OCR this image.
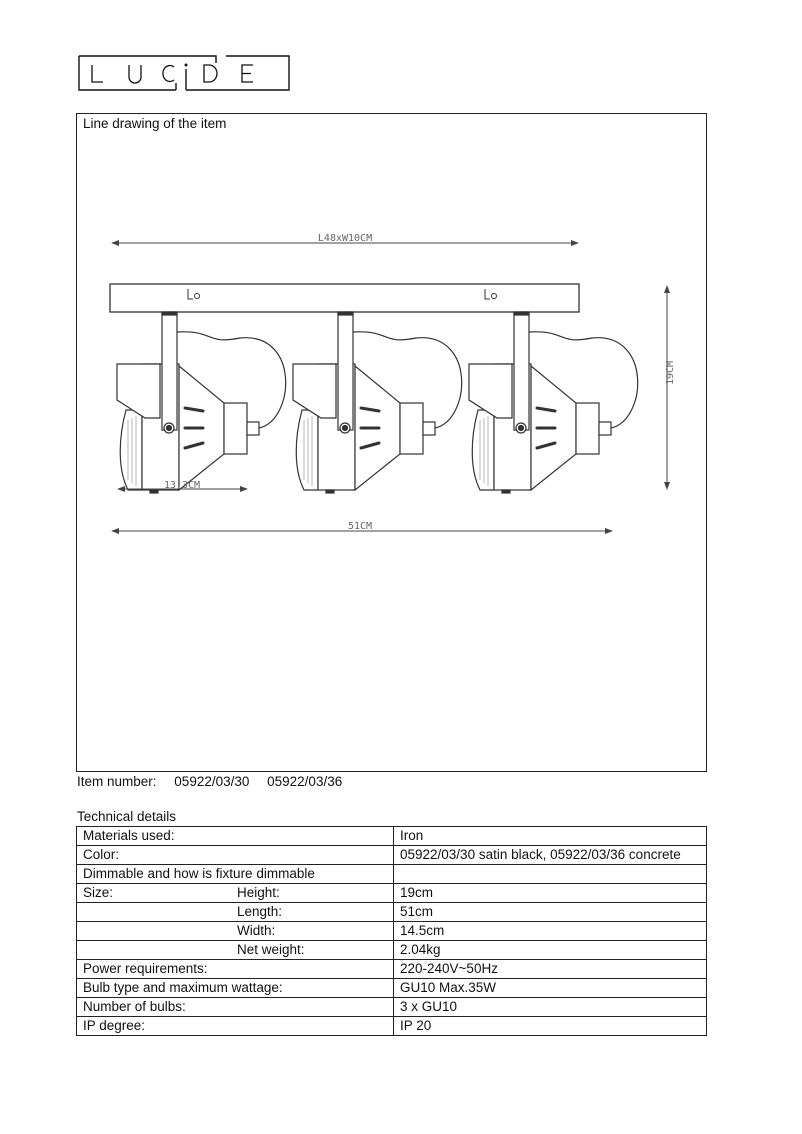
Line drawing of the item
L48xW10CM
13.3CM
51CM
19CM
Item number: 05922/03/30 05922/03/36
Technical details
Materials used:	Iron
Color:	05922/03/30 satin black, 05922/03/36 concrete
Dimmable and how is fixture dimmable

Size: Height:	19cm

Length:	51cm

Width:	14.5cm

Net weight:	2.04kg
Power requirements:	220-240V~50Hz
Bulb type and maximum wattage:	GU10 Max.35W
Number of bulbs:	3 x GU10
IP degree:	IP 20
